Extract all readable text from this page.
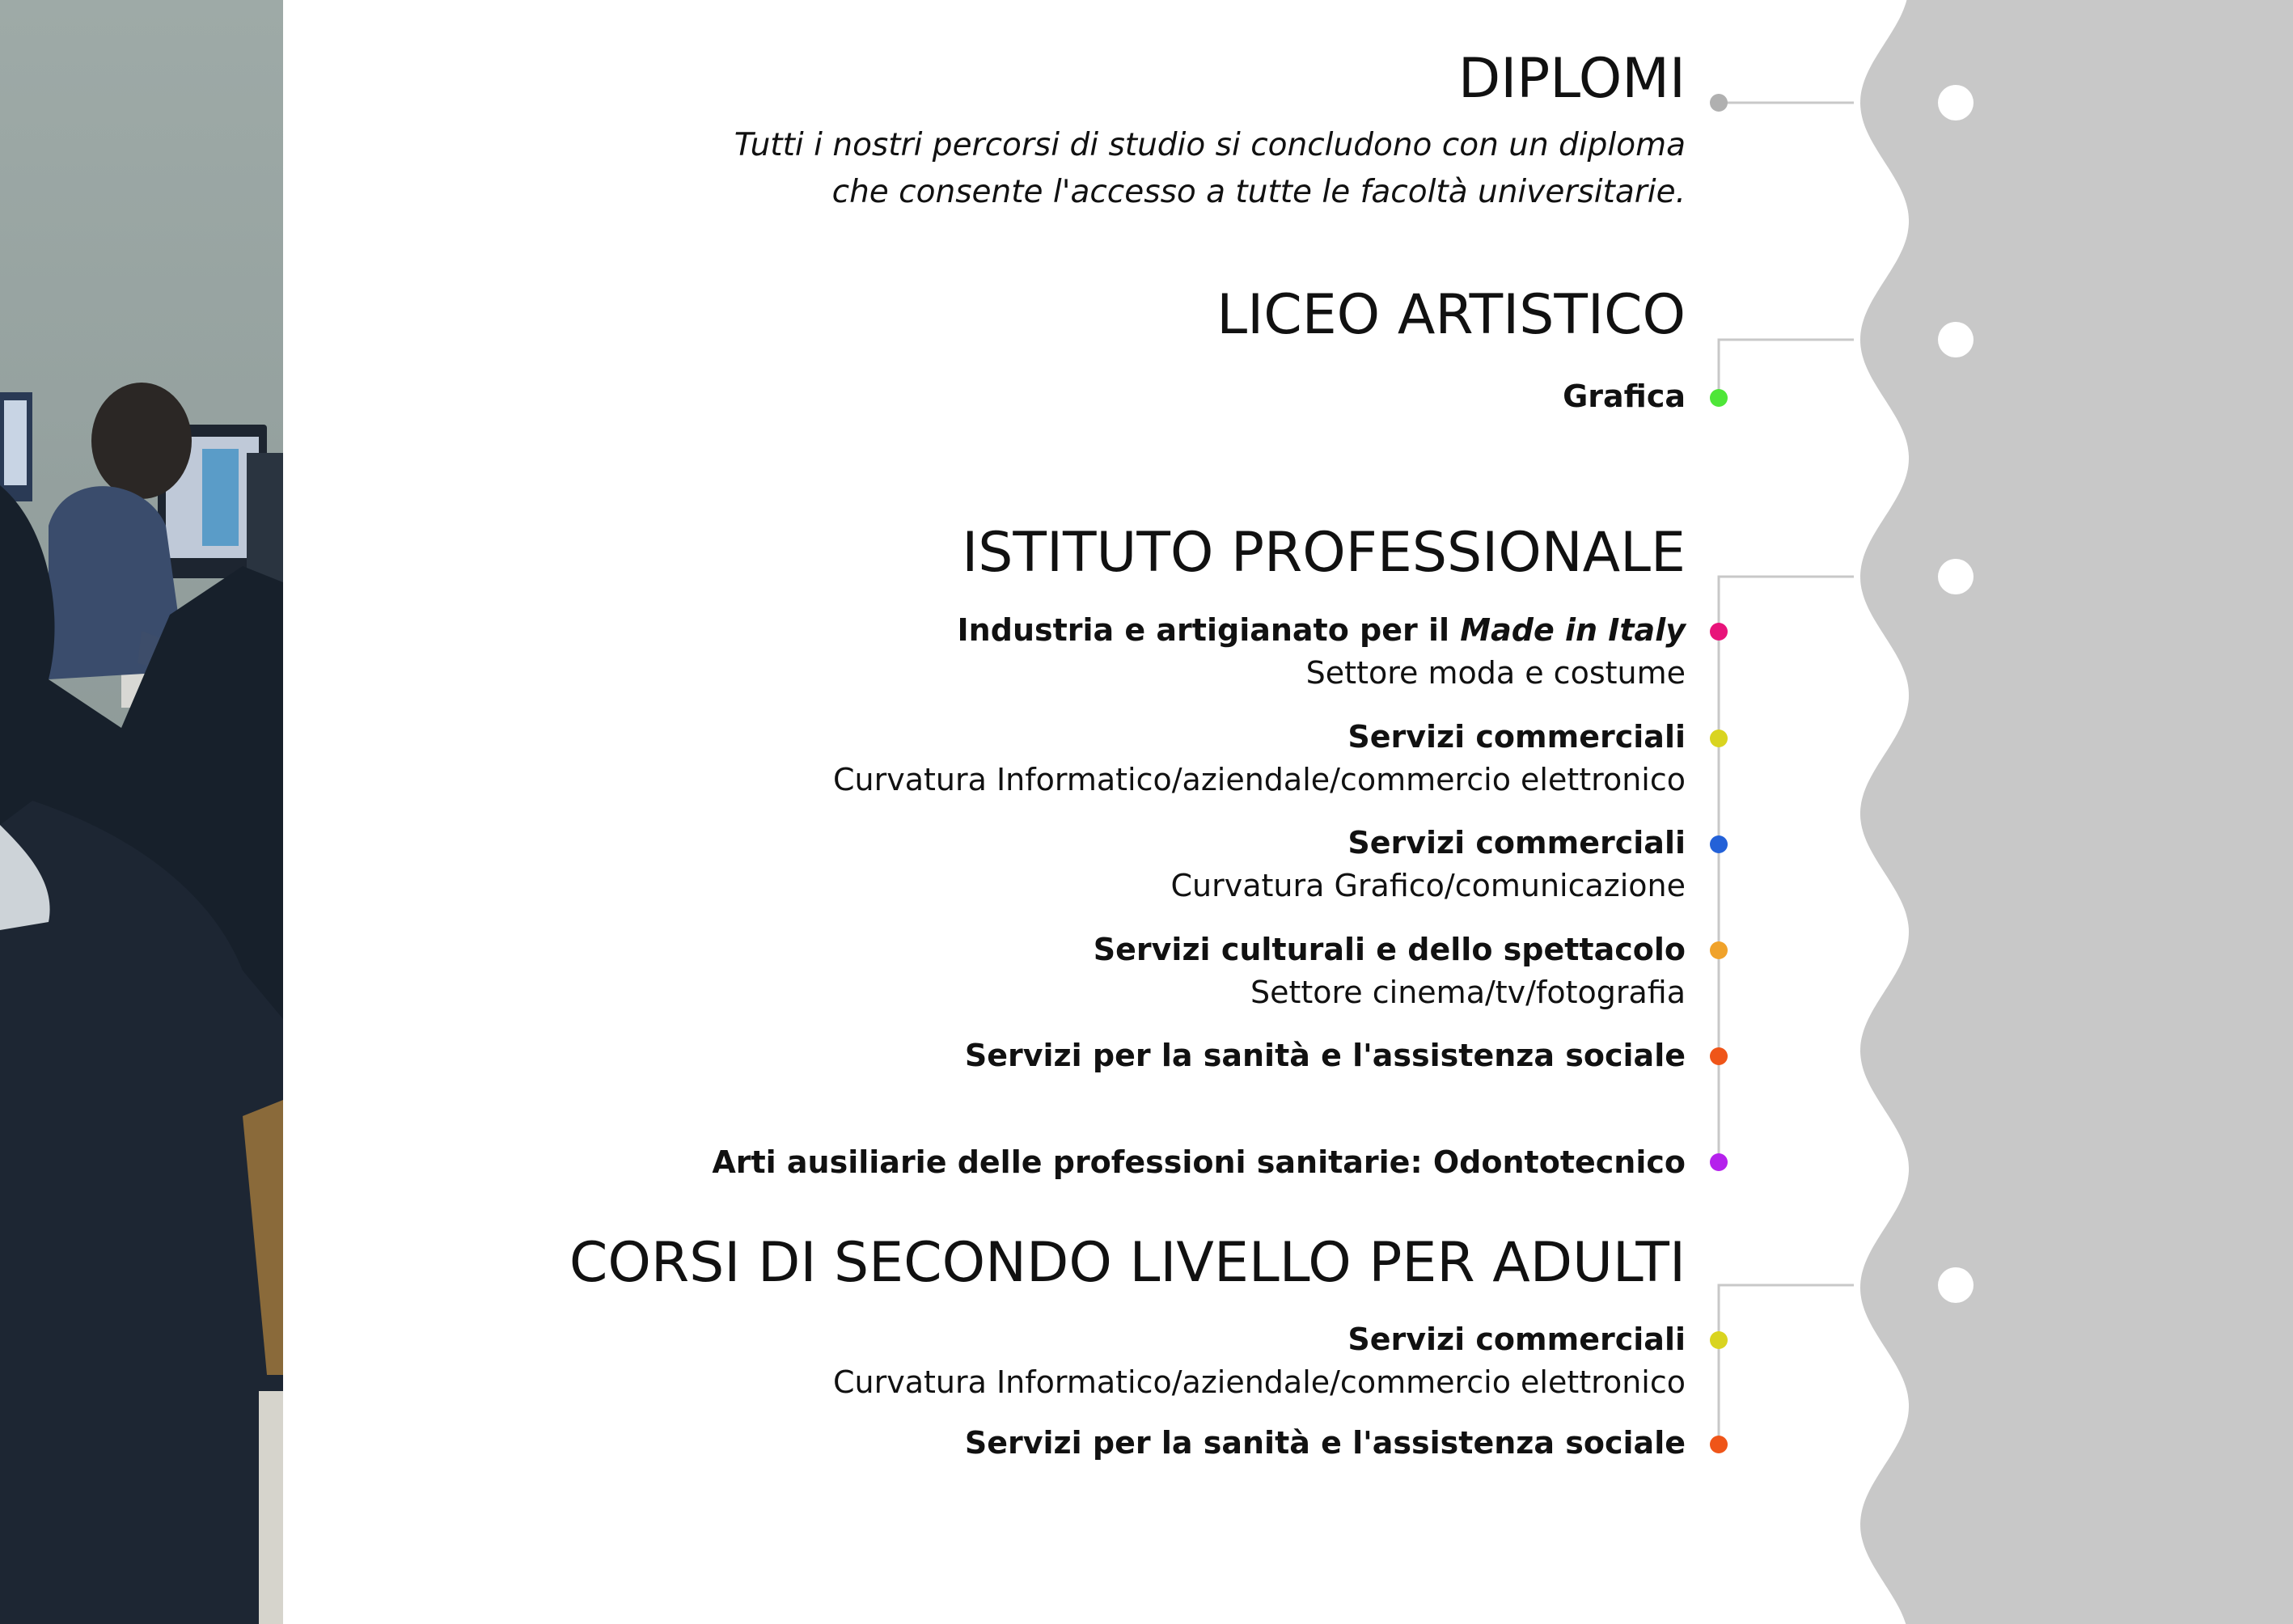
DIPLOMI
Tutti i nostri percorsi di studio si concludono con un diploma
che consente l'accesso a tutte le facoltà universitarie.
LICEO ARTISTICO
Grafica
ISTITUTO PROFESSIONALE
Industria e artigianato per il Made in Italy
Settore moda e costume
Servizi commerciali
Curvatura Informatico/aziendale/commercio elettronico
Servizi commerciali
Curvatura Grafico/comunicazione
Servizi culturali e dello spettacolo
Settore cinema/tv/fotografia
Servizi per la sanità e l'assistenza sociale
Arti ausiliarie delle professioni sanitarie: Odontotecnico
CORSI DI SECONDO LIVELLO PER ADULTI
Servizi commerciali
Curvatura Informatico/aziendale/commercio elettronico
Servizi per la sanità e l'assistenza sociale
